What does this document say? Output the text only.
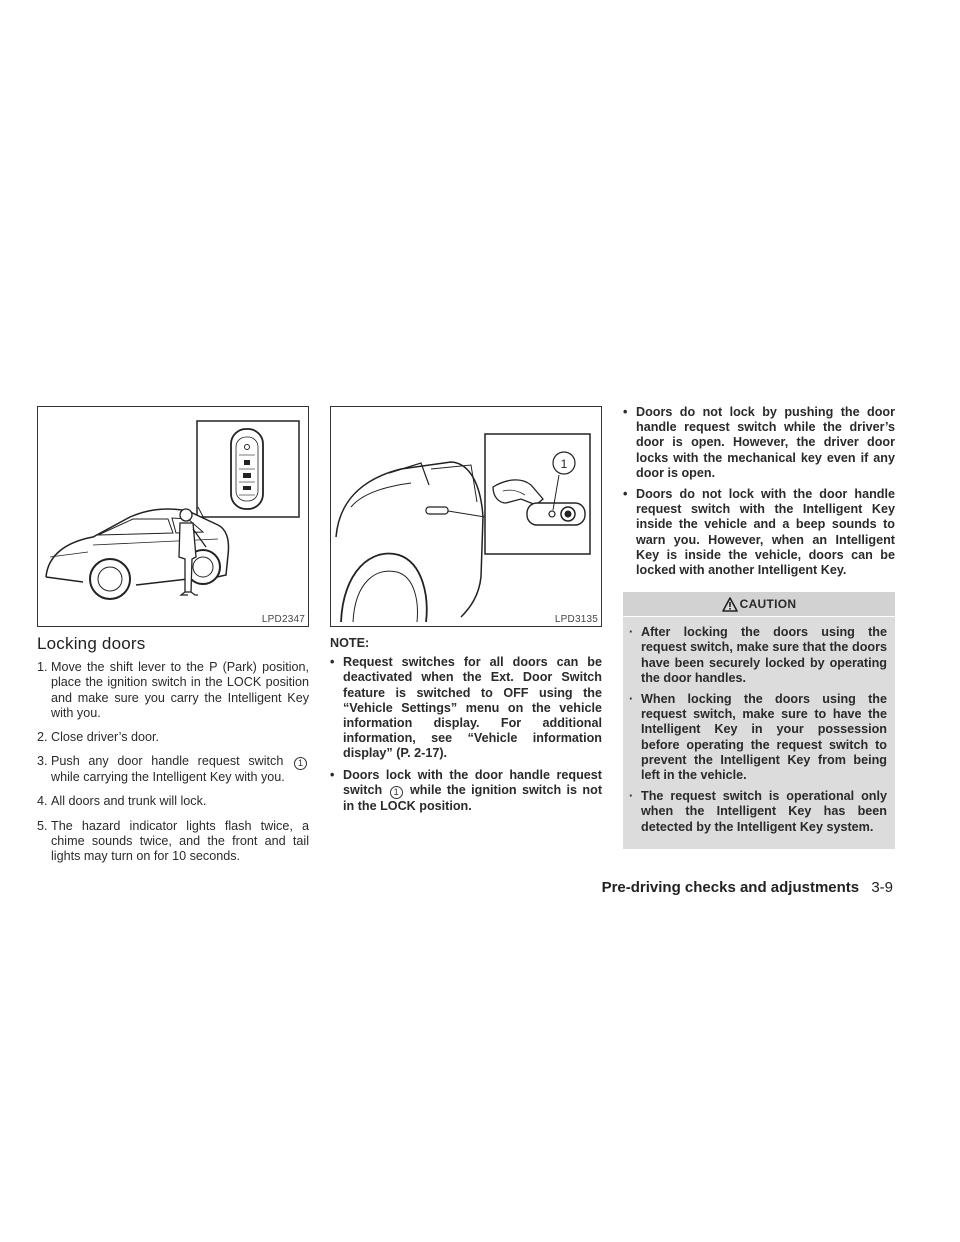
LPD2347
1
LPD3135
Locking doors
1. Move the shift lever to the P (Park) position, place the ignition switch in the LOCK position and make sure you carry the Intelligent Key with you.
2. Close driver’s door.
3. Push any door handle request switch 1 while carrying the Intelligent Key with you.
4. All doors and trunk will lock.
5. The hazard indicator lights flash twice, a chime sounds twice, and the front and tail lights may turn on for 10 seconds.
NOTE:
• Request switches for all doors can be deactivated when the Ext. Door Switch feature is switched to OFF using the “Vehicle Settings” menu on the vehicle information display. For additional information, see “Vehicle information display” (P. 2-17).
• Doors lock with the door handle request switch 1 while the ignition switch is not in the LOCK position.
• Doors do not lock by pushing the door handle request switch while the driver’s door is open. However, the driver door locks with the mechanical key even if any door is open.
• Doors do not lock with the door handle request switch with the Intelligent Key inside the vehicle and a beep sounds to warn you. However, when an Intelligent Key is inside the vehicle, doors can be locked with another Intelligent Key.
CAUTION
· After locking the doors using the request switch, make sure that the doors have been securely locked by operating the door handles.
· When locking the doors using the request switch, make sure to have the Intelligent Key in your possession before operating the request switch to prevent the Intelligent Key from being left in the vehicle.
· The request switch is operational only when the Intelligent Key has been detected by the Intelligent Key system.
Pre-driving checks and adjustments 3-9
